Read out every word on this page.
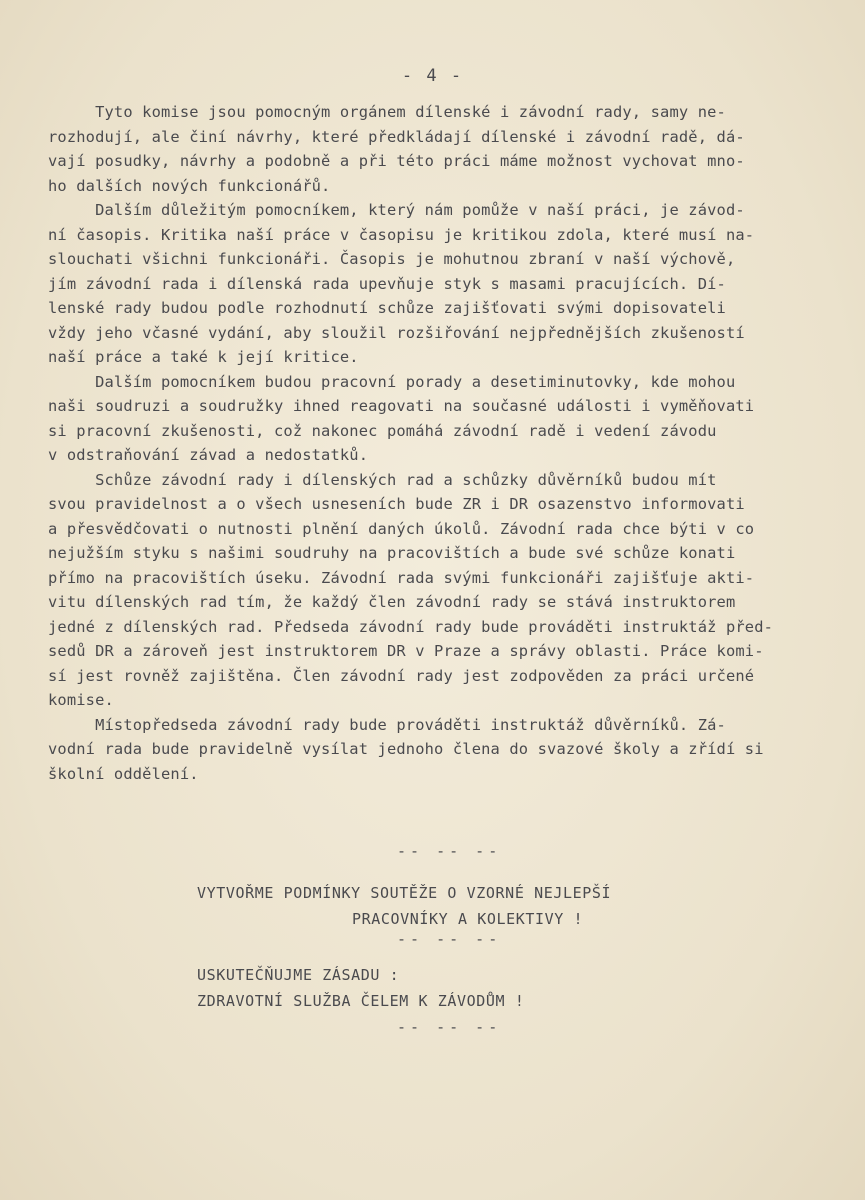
- 4 -
Tyto komise jsou pomocným orgánem dílenské i závodní rady, samy ne-
rozhodují, ale činí návrhy, které předkládají dílenské i závodní radě, dá-
vají posudky, návrhy a podobně a při této práci máme možnost vychovat mno-
ho dalších nových funkcionářů.
Dalším důležitým pomocníkem, který nám pomůže v naší práci, je závod-
ní časopis. Kritika naší práce v časopisu je kritikou zdola, které musí na-
slouchati všichni funkcionáři. Časopis je mohutnou zbraní v naší výchově,
jím závodní rada i dílenská rada upevňuje styk s masami pracujících. Dí-
lenské rady budou podle rozhodnutí schůze zajišťovati svými dopisovateli
vždy jeho včasné vydání, aby sloužil rozšiřování nejpřednějších zkušeností
naší práce a také k její kritice.
Dalším pomocníkem budou pracovní porady a desetiminutovky, kde mohou
naši soudruzi a soudružky ihned reagovati na současné události i vyměňovati
si pracovní zkušenosti, což nakonec pomáhá závodní radě i vedení závodu
v odstraňování závad a nedostatků.
Schůze závodní rady i dílenských rad a schůzky důvěrníků budou mít
svou pravidelnost a o všech usneseních bude ZR i DR osazenstvo informovati
a přesvědčovati o nutnosti plnění daných úkolů. Závodní rada chce býti v co
nejužším styku s našimi soudruhy na pracovištích a bude své schůze konati
přímo na pracovištích úseku. Závodní rada svými funkcionáři zajišťuje akti-
vitu dílenských rad tím, že každý člen závodní rady se stává instruktorem
jedné z dílenských rad. Předseda závodní rady bude prováděti instruktáž před-
sedů DR a zároveň jest instruktorem DR v Praze a správy oblasti. Práce komi-
sí jest rovněž zajištěna. Člen závodní rady jest zodpověden za práci určené
komise.
Místopředseda závodní rady bude prováděti instruktáž důvěrníků. Zá-
vodní rada bude pravidelně vysílat jednoho člena do svazové školy a zřídí si
školní oddělení.
-- -- --
VYTVOŘME PODMÍNKY SOUTĚŽE O VZORNÉ NEJLEPŠÍ
PRACOVNÍKY A KOLEKTIVY !
-- -- --
USKUTEČŇUJME ZÁSADU :
ZDRAVOTNÍ SLUŽBA ČELEM K ZÁVODŮM !
-- -- --
